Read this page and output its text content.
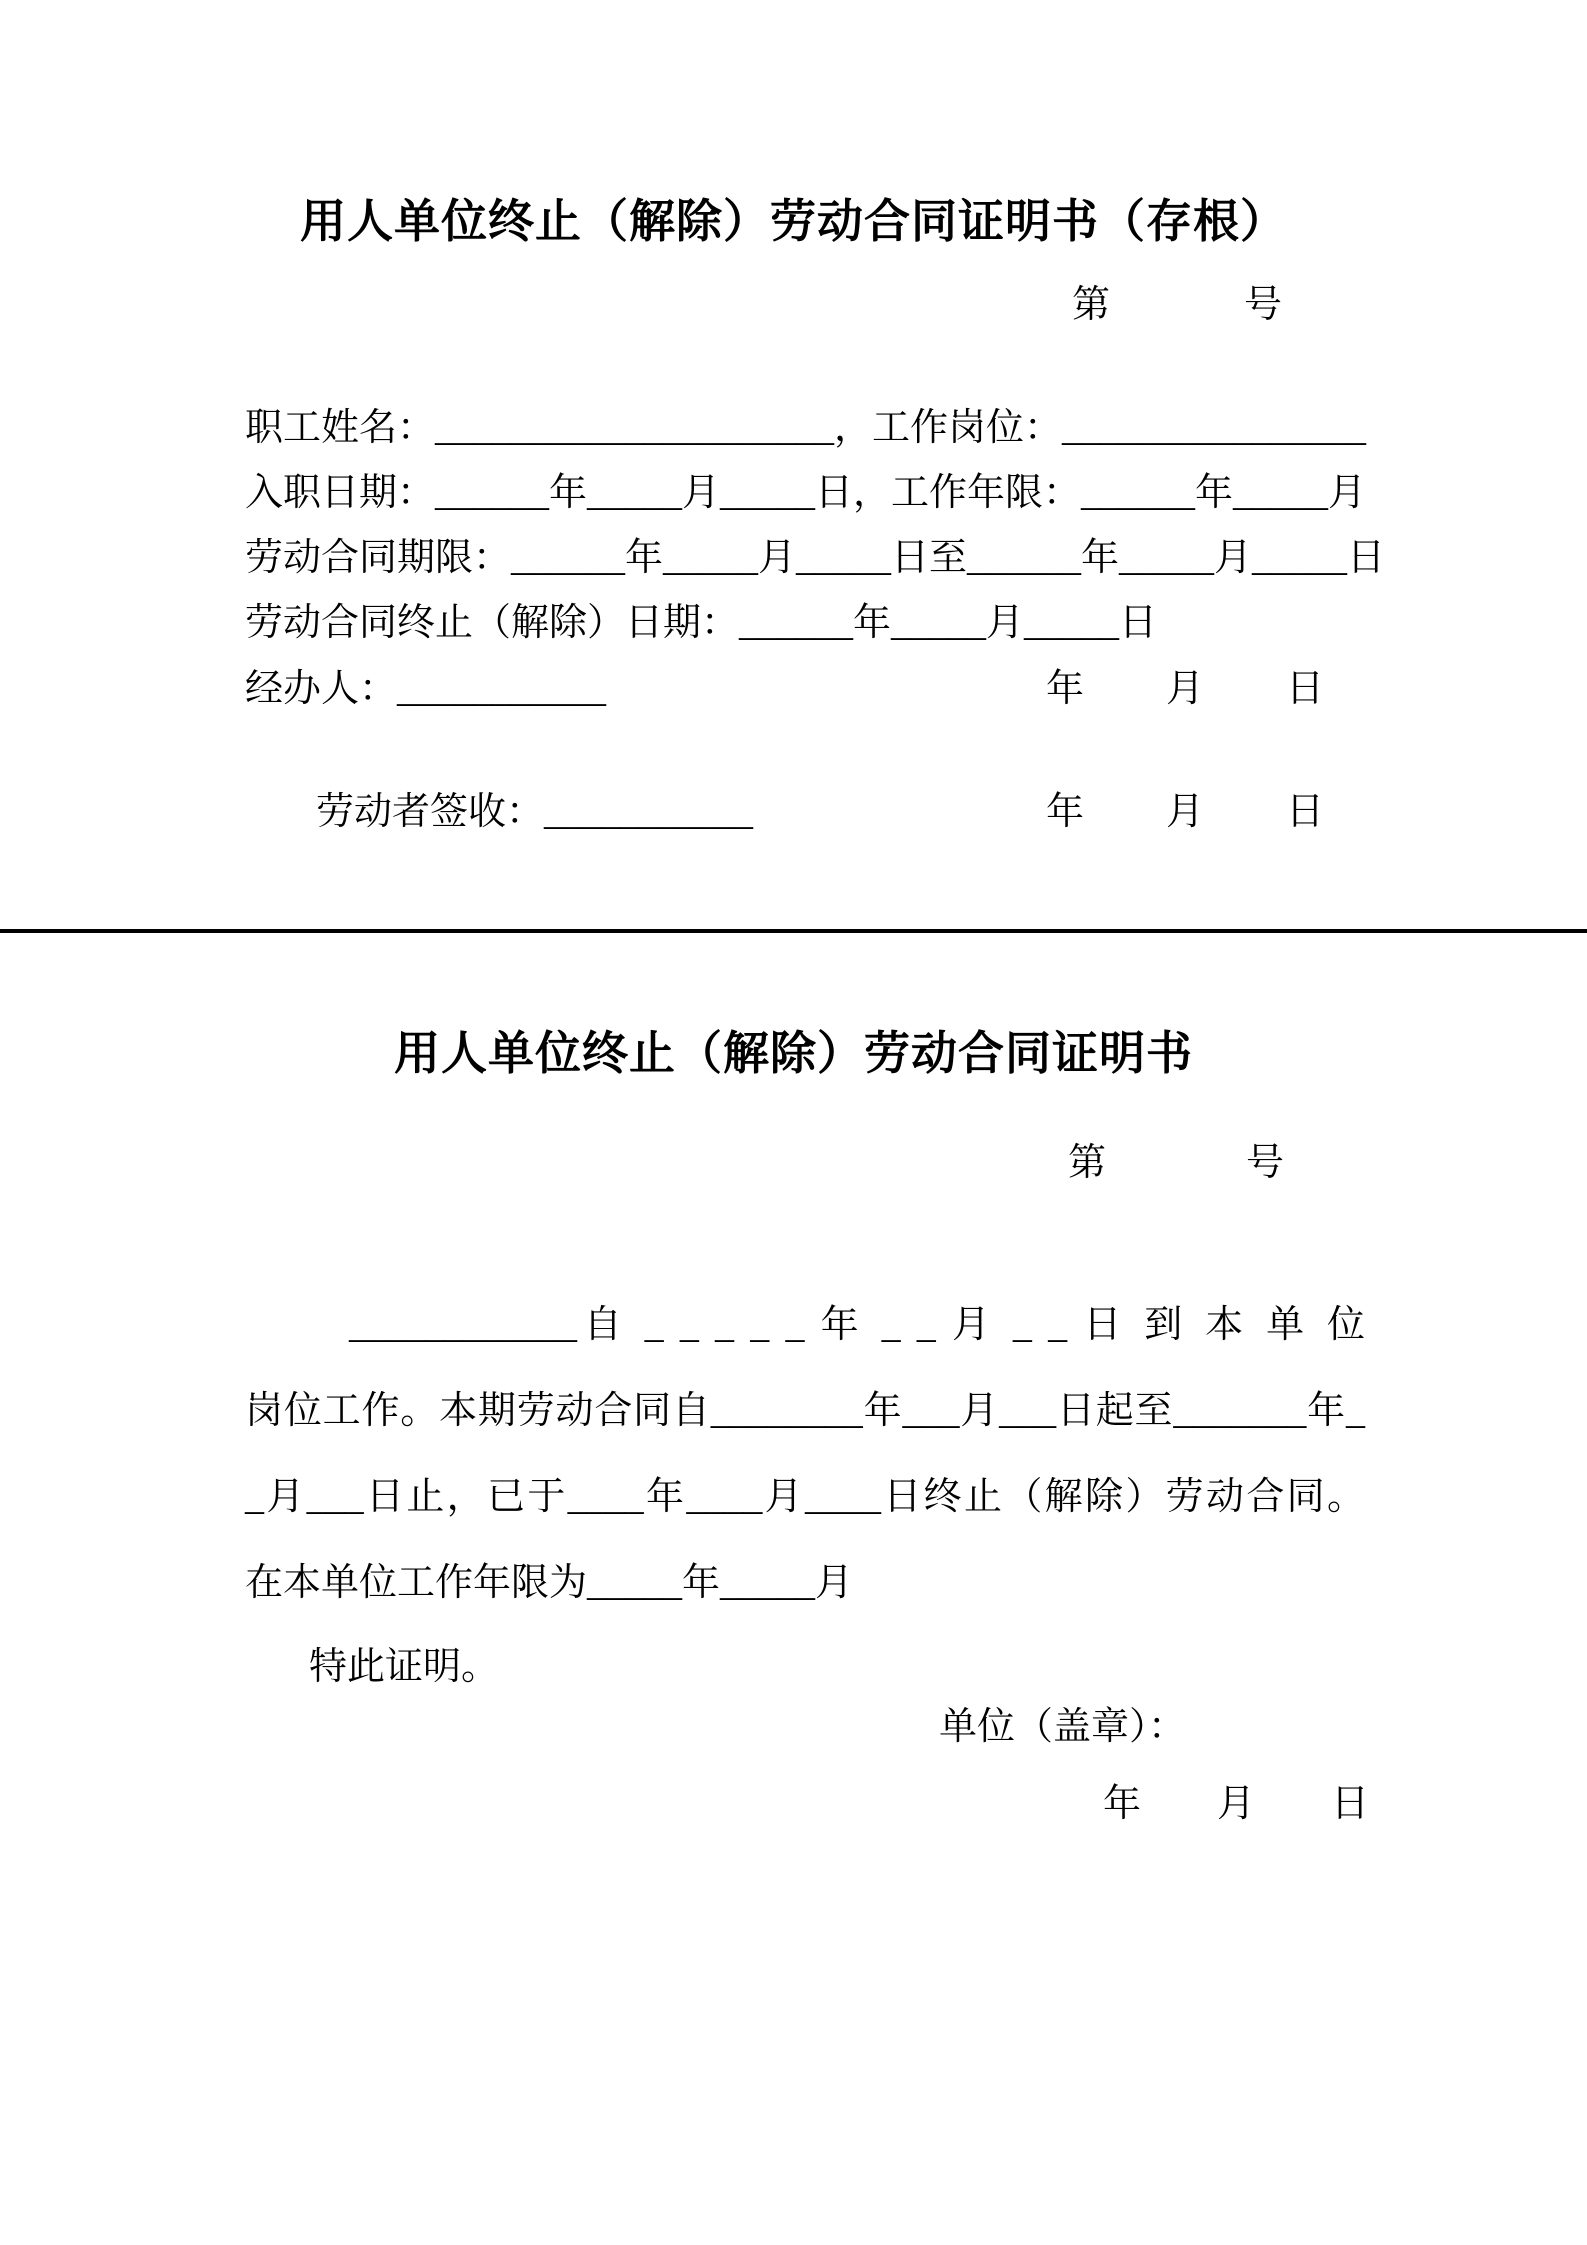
用人单位终止（解除）劳动合同证明书（存根）
第	号
职工姓名：_____________________，工作岗位：________________
入职日期：______年_____月_____日，工作年限：______年_____月
劳动合同期限：______年_____月_____日至______年_____月_____日
劳动合同终止（解除）日期：______年_____月_____日
经办人：___________	年 月 日
劳动者签收：___________	年 月 日
用人单位终止（解除）劳动合同证明书
第	号
____________自 _ _ _ _ _ 年 _ _ 月 _ _ 日 到 本 单 位
岗位工作。本期劳动合同自________年___月___日起至_______年_
_月___日止，已于____年____月____日终止（解除）劳动合同。
在本单位工作年限为_____年_____月
特此证明。
单位（盖章）：
年 月 日
